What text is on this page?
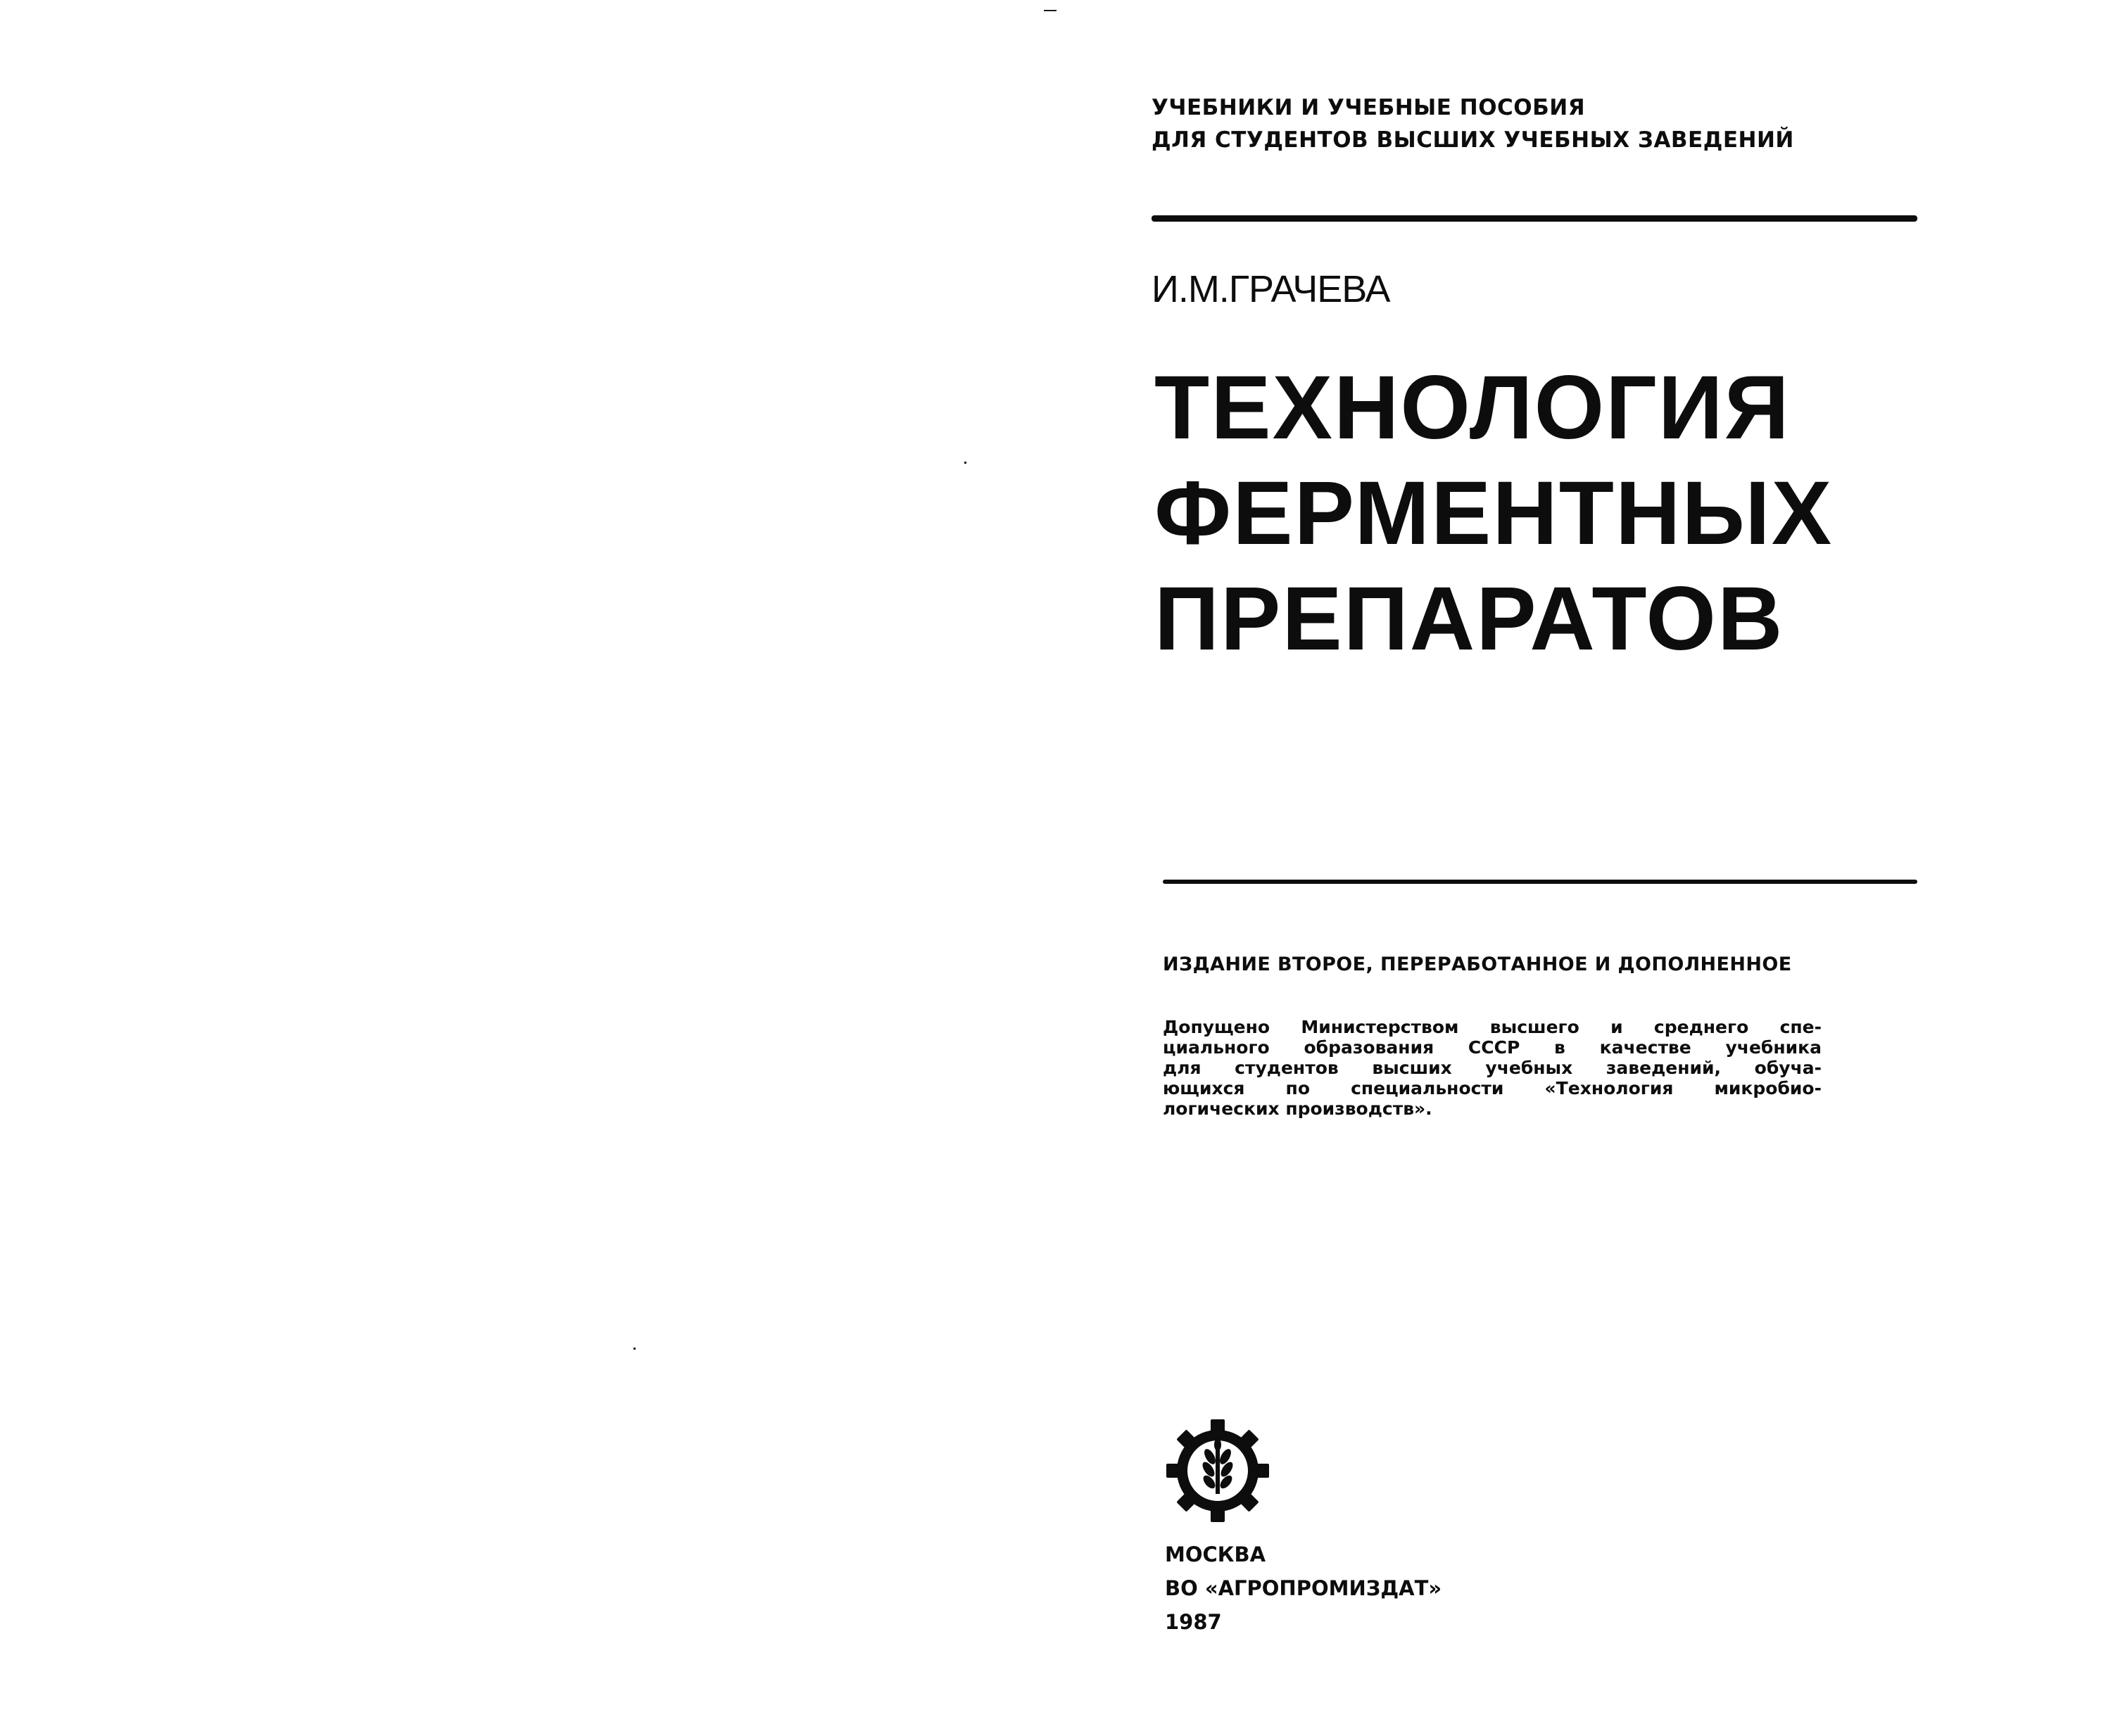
УЧЕБНИКИ И УЧЕБНЫЕ ПОСОБИЯ
ДЛЯ СТУДЕНТОВ ВЫСШИХ УЧЕБНЫХ ЗАВЕДЕНИЙ
И.М.ГРАЧЕВА
ТЕХНОЛОГИЯ
ФЕРМЕНТНЫХ
ПРЕПАРАТОВ
ИЗДАНИЕ ВТОРОЕ, ПЕРЕРАБОТАННОЕ И ДОПОЛНЕННОЕ
Допущено Министерством высшего и среднего спе-
циального образования СССР в качестве учебника
для студентов высших учебных заведений, обуча-
ющихся по специальности «Технология микробио-
логических производств».
МОСКВА
ВО «АГРОПРОМИЗДАТ»
1987
